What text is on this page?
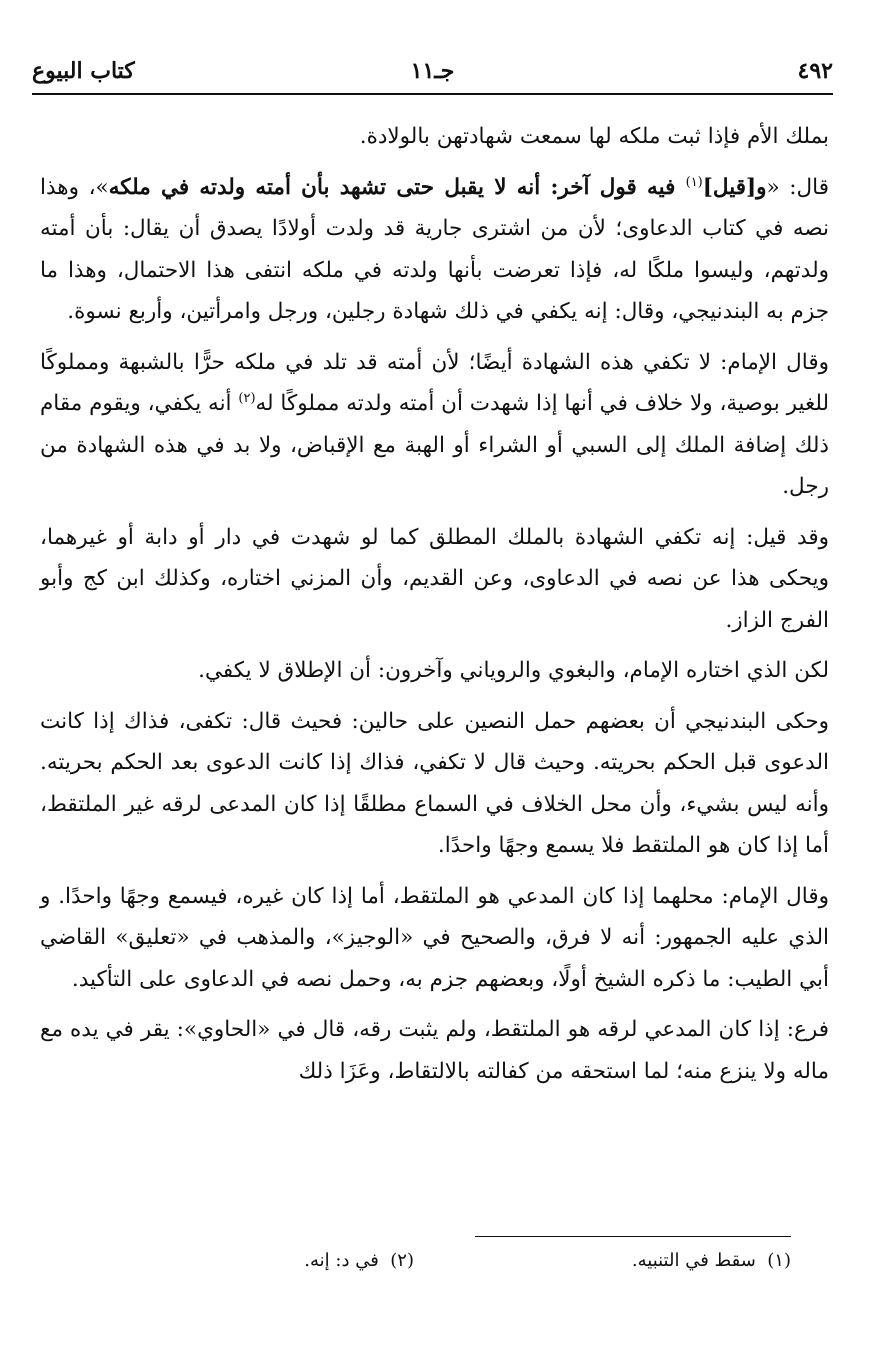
٤٩٢
جـ١١
كتاب البيوع

بملك الأم فإذا ثبت ملكه لها سمعت شهادتهن بالولادة.

قال: «و[قيل]$^{(١)}$ فيه قول آخر: أنه لا يقبل حتى تشهد بأن أمته ولدته في ملكه»، وهذا نصه في كتاب الدعاوى؛ لأن من اشترى جارية قد ولدت أولادًا يصدق أن يقال: بأن أمته ولدتهم، وليسوا ملكًا له، فإذا تعرضت بأنها ولدته في ملكه انتفى هذا الاحتمال، وهذا ما جزم به البندنيجي، وقال: إنه يكفي في ذلك شهادة رجلين، ورجل وامرأتين، وأربع نسوة.

وقال الإمام: لا تكفي هذه الشهادة أيضًا؛ لأن أمته قد تلد في ملكه حرًّا بالشبهة ومملوكًا للغير بوصية، ولا خلاف في أنها إذا شهدت أن أمته ولدته مملوكًا له$^{(٢)}$ أنه يكفي، ويقوم مقام ذلك إضافة الملك إلى السبي أو الشراء أو الهبة مع الإقباض، ولا بد في هذه الشهادة من رجل.

وقد قيل: إنه تكفي الشهادة بالملك المطلق كما لو شهدت في دار أو دابة أو غيرهما، ويحكى هذا عن نصه في الدعاوى، وعن القديم، وأن المزني اختاره، وكذلك ابن كج وأبو الفرج الزاز.

لكن الذي اختاره الإمام، والبغوي والروياني وآخرون: أن الإطلاق لا يكفي.

وحكى البندنيجي أن بعضهم حمل النصين على حالين: فحيث قال: تكفى، فذاك إذا كانت الدعوى قبل الحكم بحريته. وحيث قال لا تكفي، فذاك إذا كانت الدعوى بعد الحكم بحريته. وأنه ليس بشيء، وأن محل الخلاف في السماع مطلقًا إذا كان المدعى لرقه غير الملتقط، أما إذا كان هو الملتقط فلا يسمع وجهًا واحدًا.

وقال الإمام: محلهما إذا كان المدعي هو الملتقط، أما إذا كان غيره، فيسمع وجهًا واحدًا. و الذي عليه الجمهور: أنه لا فرق، والصحيح في «الوجيز»، والمذهب في «تعليق» القاضي أبي الطيب: ما ذكره الشيخ أولًا، وبعضهم جزم به، وحمل نصه في الدعاوى على التأكيد.

فرع: إذا كان المدعي لرقه هو الملتقط، ولم يثبت رقه، قال في «الحاوي»: يقر في يده مع ماله ولا ينزع منه؛ لما استحقه من كفالته بالالتقاط، وعَزَا ذلك

(١)  سقط في التنبيه.
(٢)  في د: إنه.
